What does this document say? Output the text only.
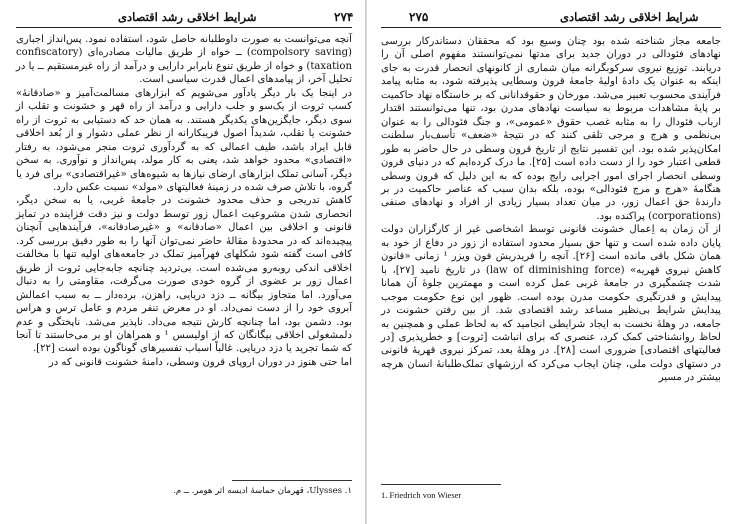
شرایط اخلاقی رشد اقتصادی	۲۷۴

آنچه می‌توانست به صورت داوطلبانه حاصل شود، استفاده نمود. پس‌انداز اجباری (compolsory saving) ــ خواه از طریق مالیات مصادره‌ای (confiscatory taxation) و خواه از طریق تنوع نابرابر دارایی و درآمد از راه غیرمستقیم ــ یا در تحلیل آخر، از پیامدهای اعمال قدرت سیاسی است.

در اینجا یک بار دیگر یادآور می‌شویم که ابزارهای مسالمت‌آمیز و «صادقانهٔ» کسب ثروت از یک‌سو و جلب دارایی و درآمد از راه قهر و خشونت و تقلب از سوی دیگر، جایگزین‌های یکدیگر هستند. به همان حد که دستیابی به ثروت از راه خشونت یا تقلب، شدیداً اصول فریبکارانه از نظر عملی دشوار و از بُعد اخلاقی قابل ایراد باشد، طیف اعمالی که به گردآوری ثروت منجر می‌شود، به رفتار «اقتصادی» محدود خواهد شد، یعنی به کار مولد، پس‌انداز و نوآوری. به سخن دیگر، آسانی تملک ابزارهای ارضای نیازها به شیوه‌های «غیراقتصادی» برای فرد یا گروه، با تلاش صرف شده در زمینهٔ فعالیتهای «مولد» نسبت عکس دارد.

کاهش تدریجی و حذف محدود خشونت در جامعهٔ غربی، یا به سخن دیگر، انحصاری شدن مشروعیت اعمال زور توسط دولت و نیز دقت فزاینده در تمایز قانونی و اخلاقی بین اعمال «صادقانه» و «غیرصادقانه»، فرآیندهایی آنچنان پیچیده‌اند که در محدودهٔ مقالهٔ حاضر نمی‌توان آنها را به طور دقیق بررسی کرد. کافی است گفته شود شکلهای فهرآمیز تملک در جامعه‌های اولیه تنها با مخالفت اخلاقی اندکی روبه‌رو می‌شده است. بی‌تردید چنانچه جابه‌جایی ثروت از طریق اعمال زور بر عضوی از گروه خودی صورت می‌گرفت، مقاومتی را به دنبال می‌آورد. اما متجاوز بیگانه ــ دزد دریایی، راهزن، برده‌دار ــ به سبب اعمالش آبروی خود را از دست نمی‌داد. او در معرض تنفر مردم و عامل ترس و هراس بود. دشمن بود، اما چنانچه کارش نتیجه می‌داد. ناپذیر می‌شد. ناپختگی و عدم دلمشغولی اخلاقی بیگانگان که از اولیسس ¹ و همراهان او بر می‌خاستند تا آنجا که شما تجرید یا دزد دریایی. غالباً اسباب تفسیرهای گوناگون بوده است [۲۲].

اما حتی هنوز در دوران اروپای قرون وسطی، دامنهٔ خشونت قانونی که در

۱. Ulysses، قهرمان حماسهٔ ادیسه اثر هومر. ــ م.
۲۷۵	شرایط اخلاقی رشد اقتصادی

جامعه مجاز شناخته شده بود چنان وسیع بود که محققان دستاندرکار بررسی نهادهای فئودالی در دوران جدید برای مدتها نمی‌توانستند مفهوم اصلی آن را دریابند. توزیع نیروی سرکوبگرانه میان شماری از کانونهای انحصار قدرت به جای اینکه به عنوان یک دادهٔ اولیهٔ جامعهٔ قرون وسطایی پذیرفته شود، به مثابه پیامد فرآیندی محسوب تعبیر می‌شد. مورخان و حقوقدانانی که بر خاستگاه نهاد حاکمیت بر پایهٔ مشاهدات مربوط به سیاست نهادهای مدرن بود، تنها می‌توانستند اقتدار ارباب فئودال را به مثابه غصب حقوق «عمومی»، و جنگ فئودالی را به عنوان بی‌نظمی و هرج و مرجی تلقی کنند که در نتیجهٔ «ضعف» تأسف‌بار سلطنت امکان‌پذیر شده بود. این تفسیر نتایج از تاریخ قرون وسطی در حال حاضر به طور قطعی اعتبار خود را از دست داده است [۲۵]. ما درک کرده‌ایم که در دنیای قرون وسطی انحصار اجرای امور اجرایی رایج بوده که به این دلیل که قرون وسطی هنگامهٔ «هرج و مرج فئودالی» بوده، بلکه بدان سبب که عناصر حاکمیت در بر دارندهٔ حق اعمال زور، در میان تعداد بسیار زیادی از افراد و نهادهای صنفی (corporations) پراکنده بود.

از آن زمان به اِعمال خشونت قانونی توسط اشخاصی غیر از کارگزاران دولت پایان داده شده است و تنها حق بسیار محدود استفاده از زور در دفاع از خود به همان شکل باقی مانده است [۲۶]. آنچه را فریدریش فون ویزر ¹ زمانی «قانون کاهش نیروی قهریه» (law of diminishing force) در تاریخ نامید [۲۷]، با شدت چشمگیری در جامعهٔ غربی عمل کرده است و مهمترین جلوهٔ آن همانا پیدایش و قدرتگیری حکومت مدرن بوده است. ظهور این نوع حکومت موجب پیدایش شرایط بی‌نظیر مساعد رشد اقتصادی شد. از بین رفتن خشونت در جامعه، در وهلهٔ نخست به ایجاد شرایطی انجامید که به لحاظ عملی و همچنین به لحاظ روانشناختی کمک کرد، عنصری که برای انباشت [ثروت] و خطرپذیری [در فعالیتهای اقتصادی] ضروری است [۲۸]. در وهلهٔ بعد، تمرکز نیروی قهریهٔ قانونی در دستهای دولت ملی، چنان ایجاب می‌کرد که ارزشهای تملک‌طلبانهٔ انسان هرچه بیشتر در مسیر

1. Friedrich von Wieser
